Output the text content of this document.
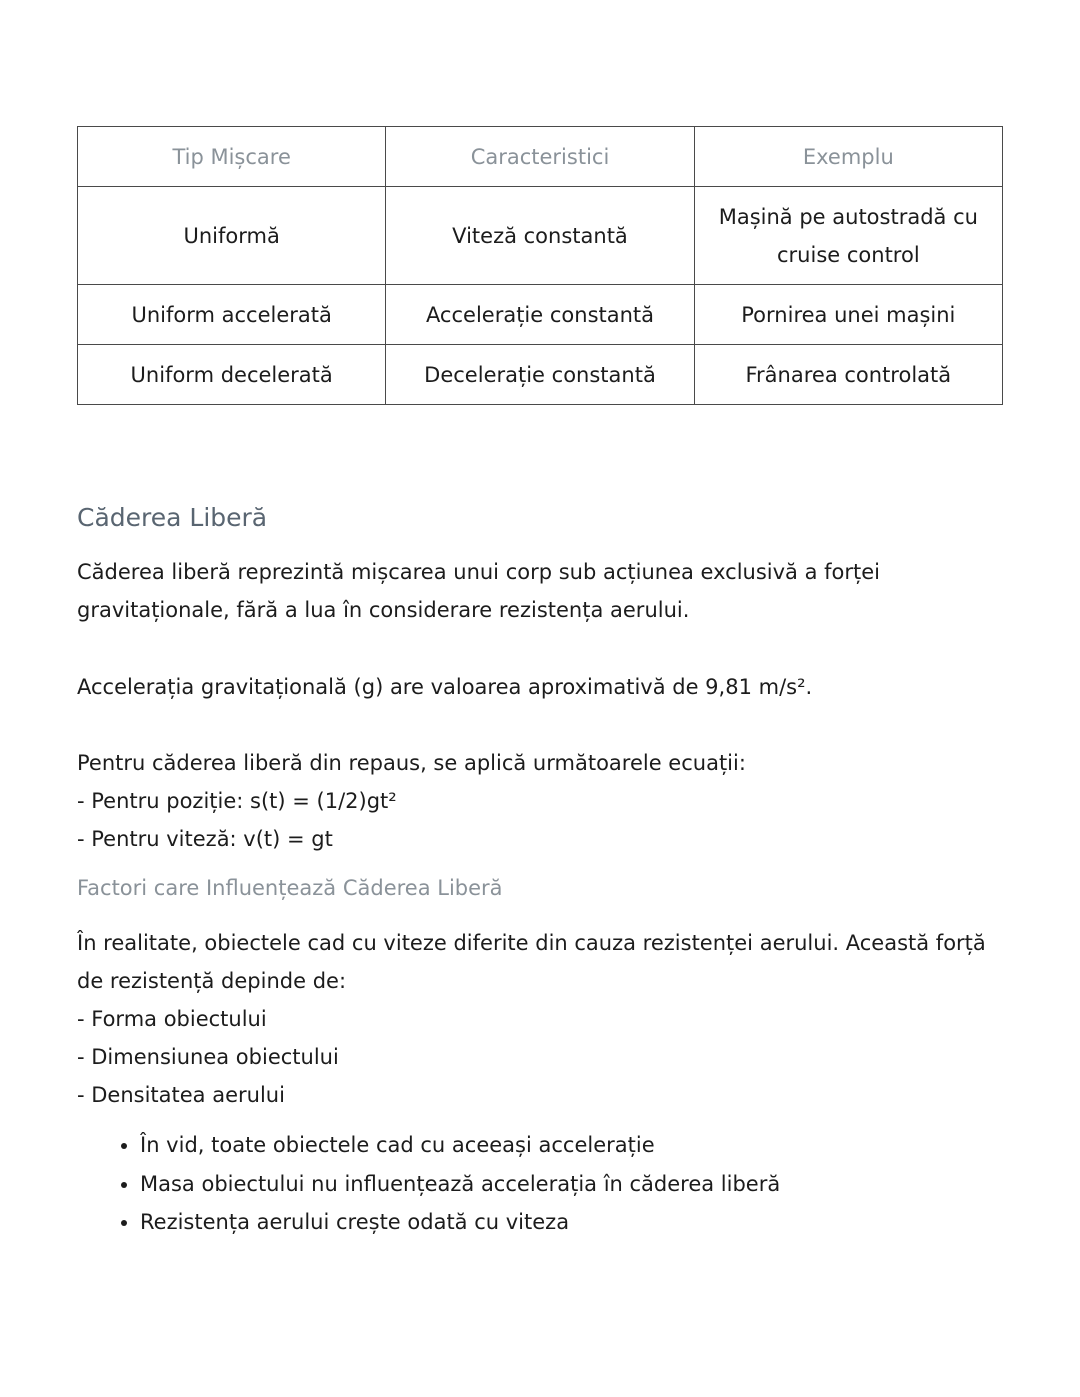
Tip Mișcare	Caracteristici	Exemplu
Uniformă	Viteză constantă	Mașină pe autostradă cu cruise control
Uniform accelerată	Accelerație constantă	Pornirea unei mașini
Uniform decelerată	Decelerație constantă	Frânarea controlată
Căderea Liberă

Căderea liberă reprezintă mișcarea unui corp sub acțiunea exclusivă a forței gravitaționale, fără a lua în considerare rezistența aerului.

Accelerația gravitațională (g) are valoarea aproximativă de 9,81 m/s².

Pentru căderea liberă din repaus, se aplică următoarele ecuații:
- Pentru poziție: s(t) = (1/2)gt²
- Pentru viteză: v(t) = gt
Factori care Influențează Căderea Liberă
În realitate, obiectele cad cu viteze diferite din cauza rezistenței aerului. Această forță de rezistență depinde de:
- Forma obiectului
- Dimensiunea obiectului
- Densitatea aerului
• În vid, toate obiectele cad cu aceeași accelerație
• Masa obiectului nu influențează accelerația în căderea liberă
• Rezistența aerului crește odată cu viteza
